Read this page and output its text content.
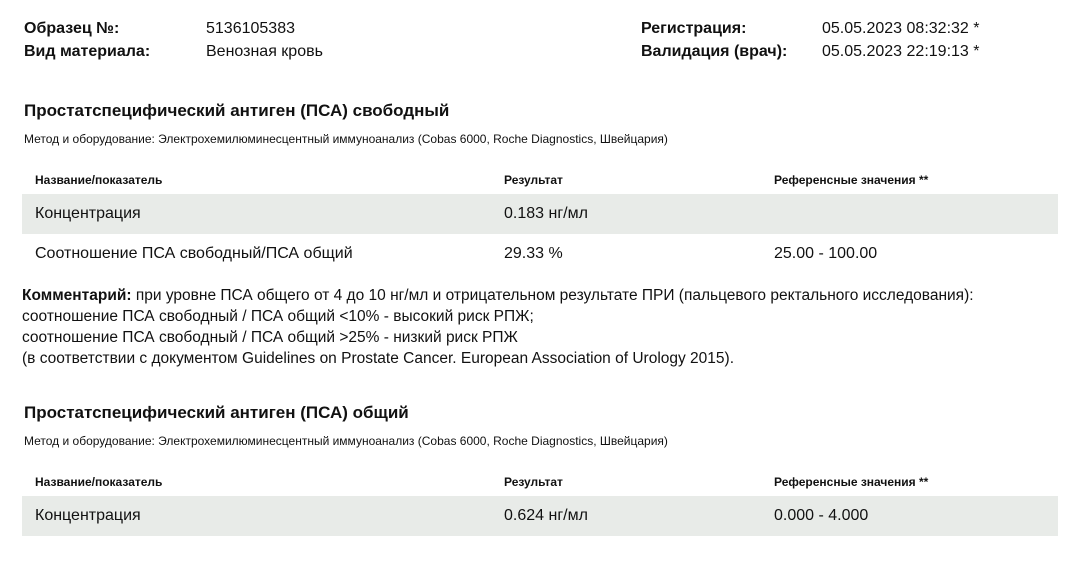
Образец №:	5136105383
Вид материала:	Венозная кровь
Регистрация:	05.05.2023 08:32:32 *
Валидация (врач): 05.05.2023 22:19:13 *
Простатспецифический антиген (ПСА) свободный
Метод и оборудование: Электрохемилюминесцентный иммуноанализ (Cobas 6000, Roche Diagnostics, Швейцария)
Название/показатель	Результат	Референсные значения **
Концентрация	0.183 нг/мл
Соотношение ПСА свободный/ПСА общий	29.33 %	25.00 - 100.00

Комментарий: при уровне ПСА общего от 4 до 10 нг/мл и отрицательном результате ПРИ (пальцевого ректального исследования):

соотношение ПСА свободный / ПСА общий <10% - высокий риск РПЖ;

соотношение ПСА свободный / ПСА общий >25% - низкий риск РПЖ

(в соответствии с документом Guidelines on Prostate Cancer. European Association of Urology 2015).

Простатспецифический антиген (ПСА) общий
Метод и оборудование: Электрохемилюминесцентный иммуноанализ (Cobas 6000, Roche Diagnostics, Швейцария)
Название/показатель	Результат	Референсные значения **
Концентрация	0.624 нг/мл	0.000 - 4.000
